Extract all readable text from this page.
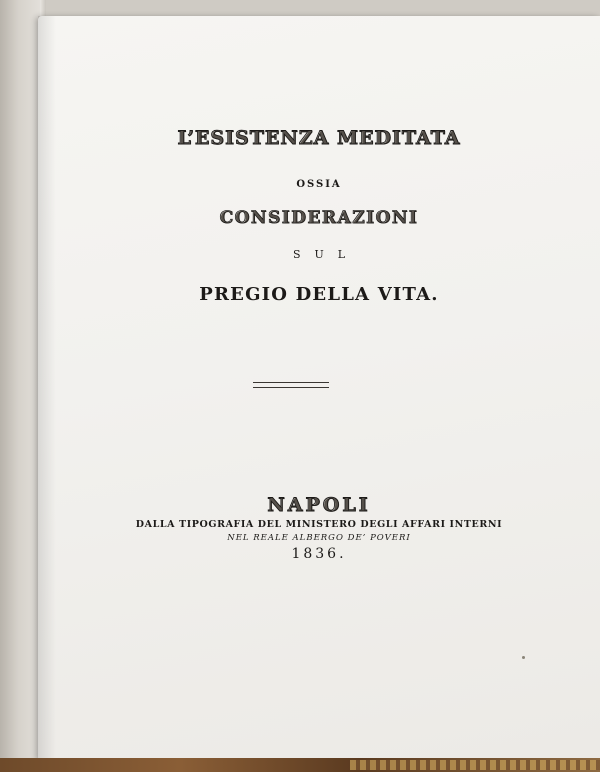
L’ESISTENZA MEDITATA
OSSIA
CONSIDERAZIONI
SUL
PREGIO DELLA VITA.
NAPOLI
DALLA TIPOGRAFIA DEL MINISTERO DEGLI AFFARI INTERNI
NEL REALE ALBERGO DE’ POVERI
1836.
